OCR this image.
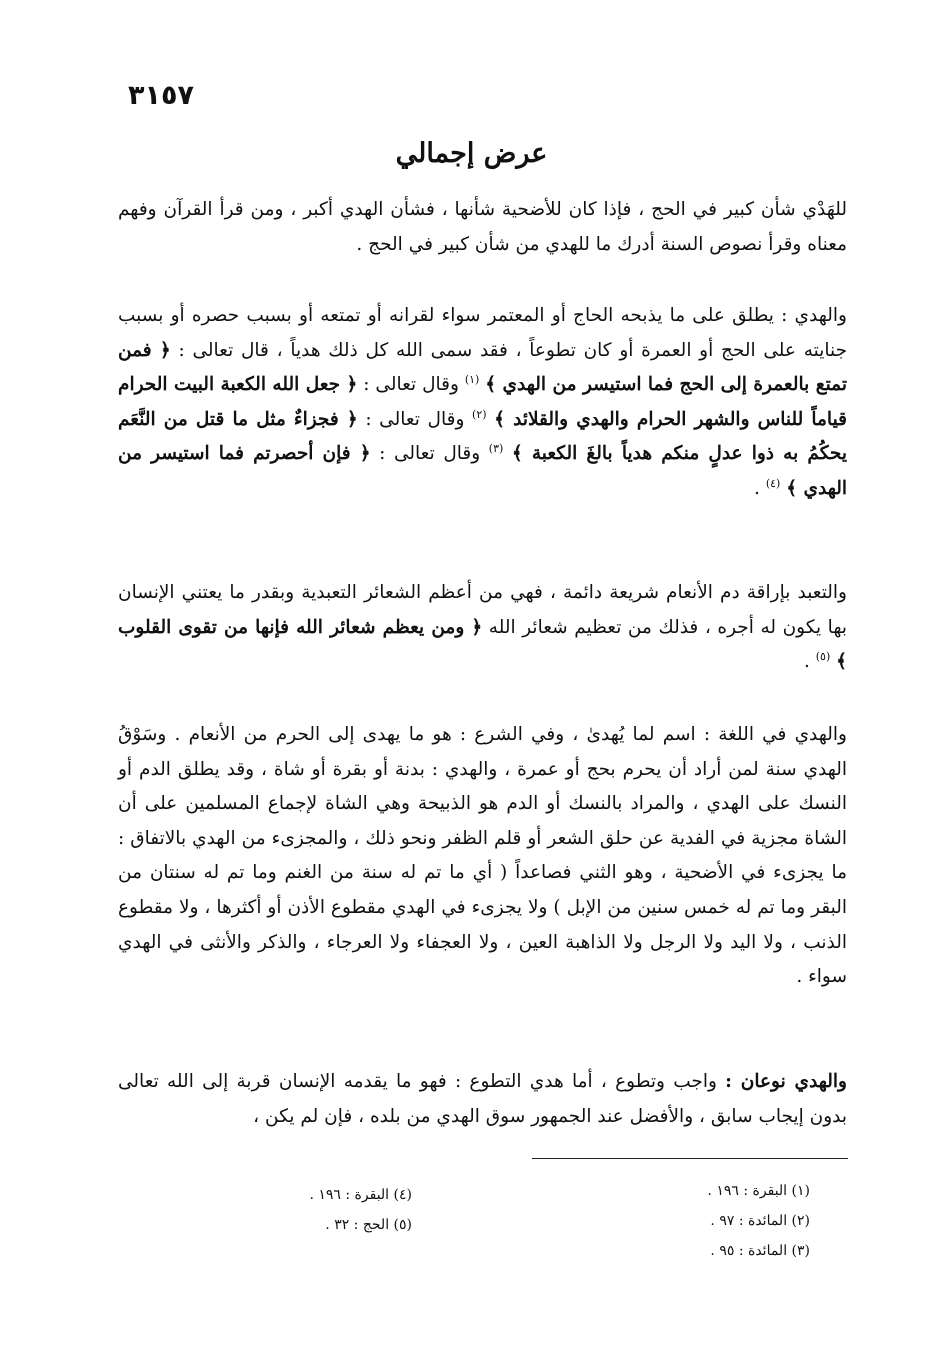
٣١٥٧
عرض إجمالي
للهَدْي شأن كبير في الحج ، فإذا كان للأضحية شأنها ، فشأن الهدي أكبر ، ومن قرأ القرآن وفهم معناه وقرأ نصوص السنة أدرك ما للهدي من شأن كبير في الحج .
والهدي : يطلق على ما يذبحه الحاج أو المعتمر سواء لقرانه أو تمتعه أو بسبب حصره أو بسبب جنايته على الحج أو العمرة أو كان تطوعاً ، فقد سمى الله كل ذلك هدياً ، قال تعالى : ﴿ فمن تمتع بالعمرة إلى الحج فما استيسر من الهدي ﴾ $^{(١)}$ وقال تعالى : ﴿ جعل الله الكعبة البيت الحرام قياماً للناس والشهر الحرام والهدي والقلائد ﴾ $^{(٢)}$ وقال تعالى : ﴿ فجزاءٌ مثل ما قتل من النَّعَم يحكُمُ به ذوا عدلٍ منكم هدياً بالغَ الكعبة ﴾ $^{(٣)}$ وقال تعالى : ﴿ فإن أحصرتم فما استيسر من الهدي ﴾ $^{(٤)}$ .
والتعبد بإراقة دم الأنعام شريعة دائمة ، فهي من أعظم الشعائر التعبدية وبقدر ما يعتني الإنسان بها يكون له أجره ، فذلك من تعظيم شعائر الله ﴿ ومن يعظم شعائر الله فإنها من تقوى القلوب ﴾ $^{(٥)}$ .
والهدي في اللغة : اسم لما يُهدىٰ ، وفي الشرع : هو ما يهدى إلى الحرم من الأنعام . وسَوْقُ الهدي سنة لمن أراد أن يحرم بحج أو عمرة ، والهدي : بدنة أو بقرة أو شاة ، وقد يطلق الدم أو النسك على الهدي ، والمراد بالنسك أو الدم هو الذبيحة وهي الشاة لإجماع المسلمين على أن الشاة مجزية في الفدية عن حلق الشعر أو قلم الظفر ونحو ذلك ، والمجزىء من الهدي بالاتفاق : ما يجزىء في الأضحية ، وهو الثني فصاعداً ( أي ما تم له سنة من الغنم وما تم له سنتان من البقر وما تم له خمس سنين من الإبل ) ولا يجزىء في الهدي مقطوع الأذن أو أكثرها ، ولا مقطوع الذنب ، ولا اليد ولا الرجل ولا الذاهبة العين ، ولا العجفاء ولا العرجاء ، والذكر والأنثى في الهدي سواء .
والهدي نوعان : واجب وتطوع ، أما هدي التطوع : فهو ما يقدمه الإنسان قربة إلى الله تعالى بدون إيجاب سابق ، والأفضل عند الجمهور سوق الهدي من بلده ، فإن لم يكن ،
(١) البقرة : ١٩٦ .
(٢) المائدة : ٩٧ .
(٣) المائدة : ٩٥ .
(٤) البقرة : ١٩٦ .
(٥) الحج : ٣٢ .
